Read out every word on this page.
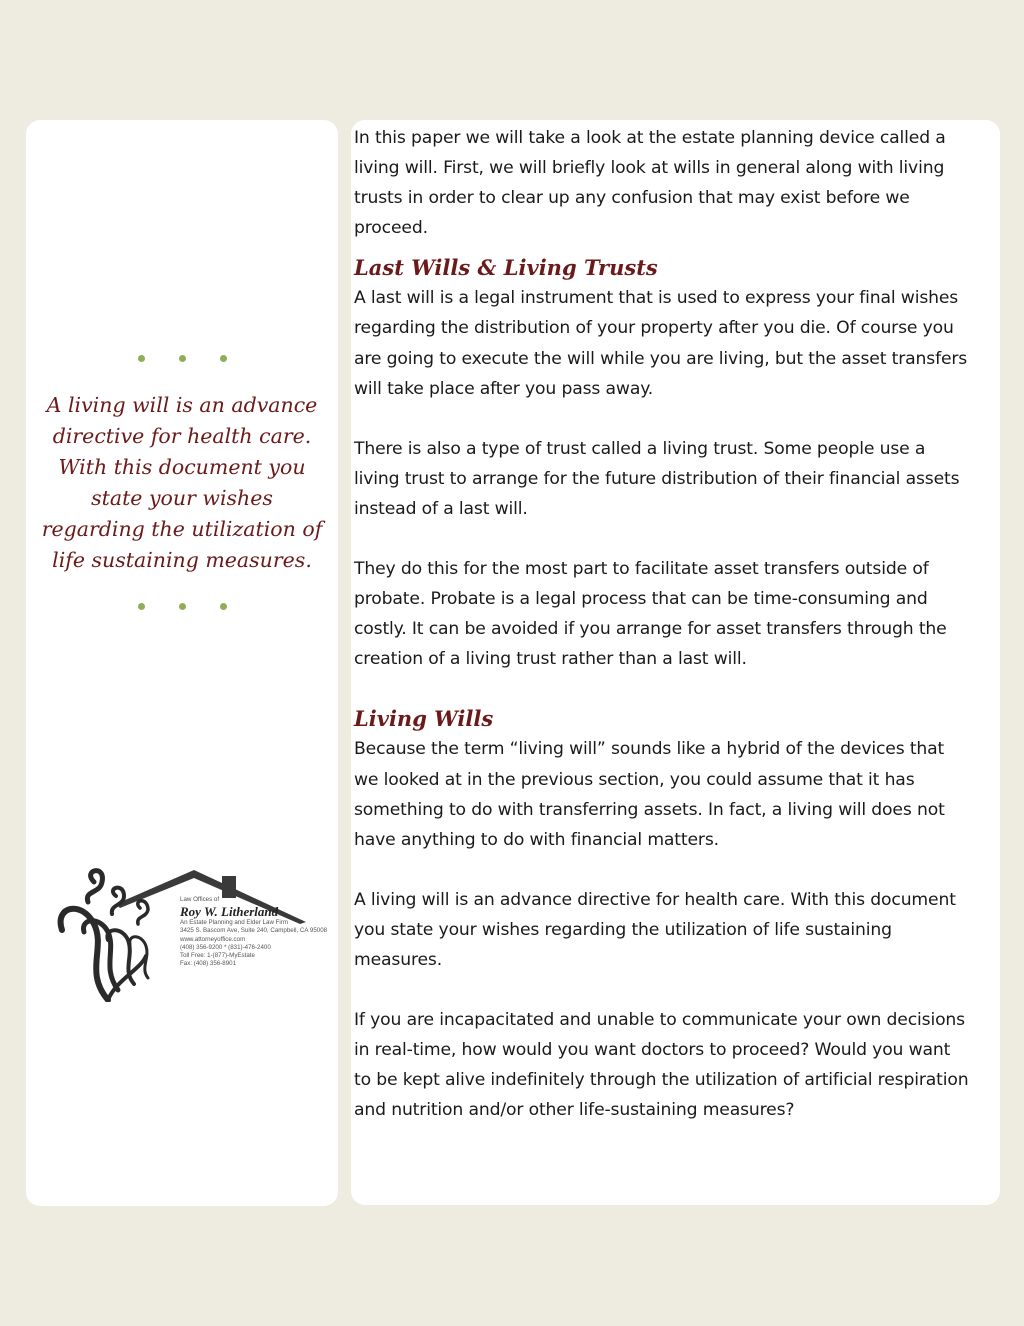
A living will is an advance directive for health care. With this document you state your wishes regarding the utilization of life sustaining measures.

Law Offices of
Roy W. Litherland
An Estate Planning and Elder Law Firm
3425 S. Bascom Ave, Suite 240, Campbell, CA 95008
www.attorneyoffice.com
(408) 356-9200 * (831)-476-2400
Toll Free: 1-(877)-MyEstate
Fax: (408) 356-8901

In this paper we will take a look at the estate planning device called a living will. First, we will briefly look at wills in general along with living trusts in order to clear up any confusion that may exist before we proceed.

Last Wills & Living Trusts

A last will is a legal instrument that is used to express your final wishes regarding the distribution of your property after you die. Of course you are going to execute the will while you are living, but the asset transfers will take place after you pass away.

There is also a type of trust called a living trust. Some people use a living trust to arrange for the future distribution of their financial assets instead of a last will.

They do this for the most part to facilitate asset transfers outside of probate. Probate is a legal process that can be time-consuming and costly. It can be avoided if you arrange for asset transfers through the creation of a living trust rather than a last will.

Living Wills

Because the term “living will” sounds like a hybrid of the devices that we looked at in the previous section, you could assume that it has something to do with transferring assets. In fact, a living will does not have anything to do with financial matters.

A living will is an advance directive for health care. With this document you state your wishes regarding the utilization of life sustaining measures.

If you are incapacitated and unable to communicate your own decisions in real-time, how would you want doctors to proceed? Would you want to be kept alive indefinitely through the utilization of artificial respiration and nutrition and/or other life-sustaining measures?
